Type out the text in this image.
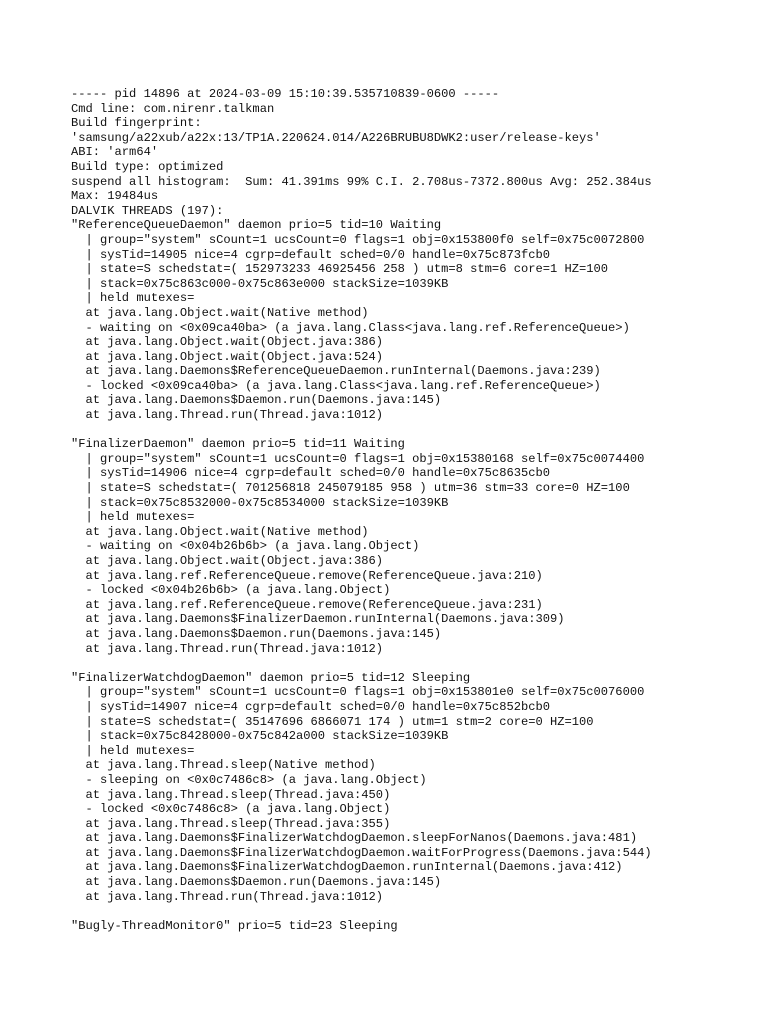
----- pid 14896 at 2024-03-09 15:10:39.535710839-0600 -----
Cmd line: com.nirenr.talkman
Build fingerprint:
'samsung/a22xub/a22x:13/TP1A.220624.014/A226BRUBU8DWK2:user/release-keys'
ABI: 'arm64'
Build type: optimized
suspend all histogram:  Sum: 41.391ms 99% C.I. 2.708us-7372.800us Avg: 252.384us
Max: 19484us
DALVIK THREADS (197):
"ReferenceQueueDaemon" daemon prio=5 tid=10 Waiting
| group="system" sCount=1 ucsCount=0 flags=1 obj=0x153800f0 self=0x75c0072800
| sysTid=14905 nice=4 cgrp=default sched=0/0 handle=0x75c873fcb0
| state=S schedstat=( 152973233 46925456 258 ) utm=8 stm=6 core=1 HZ=100
| stack=0x75c863c000-0x75c863e000 stackSize=1039KB
| held mutexes=
at java.lang.Object.wait(Native method)
- waiting on <0x09ca40ba> (a java.lang.Class<java.lang.ref.ReferenceQueue>)
at java.lang.Object.wait(Object.java:386)
at java.lang.Object.wait(Object.java:524)
at java.lang.Daemons$ReferenceQueueDaemon.runInternal(Daemons.java:239)
- locked <0x09ca40ba> (a java.lang.Class<java.lang.ref.ReferenceQueue>)
at java.lang.Daemons$Daemon.run(Daemons.java:145)
at java.lang.Thread.run(Thread.java:1012)
"FinalizerDaemon" daemon prio=5 tid=11 Waiting
| group="system" sCount=1 ucsCount=0 flags=1 obj=0x15380168 self=0x75c0074400
| sysTid=14906 nice=4 cgrp=default sched=0/0 handle=0x75c8635cb0
| state=S schedstat=( 701256818 245079185 958 ) utm=36 stm=33 core=0 HZ=100
| stack=0x75c8532000-0x75c8534000 stackSize=1039KB
| held mutexes=
at java.lang.Object.wait(Native method)
- waiting on <0x04b26b6b> (a java.lang.Object)
at java.lang.Object.wait(Object.java:386)
at java.lang.ref.ReferenceQueue.remove(ReferenceQueue.java:210)
- locked <0x04b26b6b> (a java.lang.Object)
at java.lang.ref.ReferenceQueue.remove(ReferenceQueue.java:231)
at java.lang.Daemons$FinalizerDaemon.runInternal(Daemons.java:309)
at java.lang.Daemons$Daemon.run(Daemons.java:145)
at java.lang.Thread.run(Thread.java:1012)
"FinalizerWatchdogDaemon" daemon prio=5 tid=12 Sleeping
| group="system" sCount=1 ucsCount=0 flags=1 obj=0x153801e0 self=0x75c0076000
| sysTid=14907 nice=4 cgrp=default sched=0/0 handle=0x75c852bcb0
| state=S schedstat=( 35147696 6866071 174 ) utm=1 stm=2 core=0 HZ=100
| stack=0x75c8428000-0x75c842a000 stackSize=1039KB
| held mutexes=
at java.lang.Thread.sleep(Native method)
- sleeping on <0x0c7486c8> (a java.lang.Object)
at java.lang.Thread.sleep(Thread.java:450)
- locked <0x0c7486c8> (a java.lang.Object)
at java.lang.Thread.sleep(Thread.java:355)
at java.lang.Daemons$FinalizerWatchdogDaemon.sleepForNanos(Daemons.java:481)
at java.lang.Daemons$FinalizerWatchdogDaemon.waitForProgress(Daemons.java:544)
at java.lang.Daemons$FinalizerWatchdogDaemon.runInternal(Daemons.java:412)
at java.lang.Daemons$Daemon.run(Daemons.java:145)
at java.lang.Thread.run(Thread.java:1012)
"Bugly-ThreadMonitor0" prio=5 tid=23 Sleeping
